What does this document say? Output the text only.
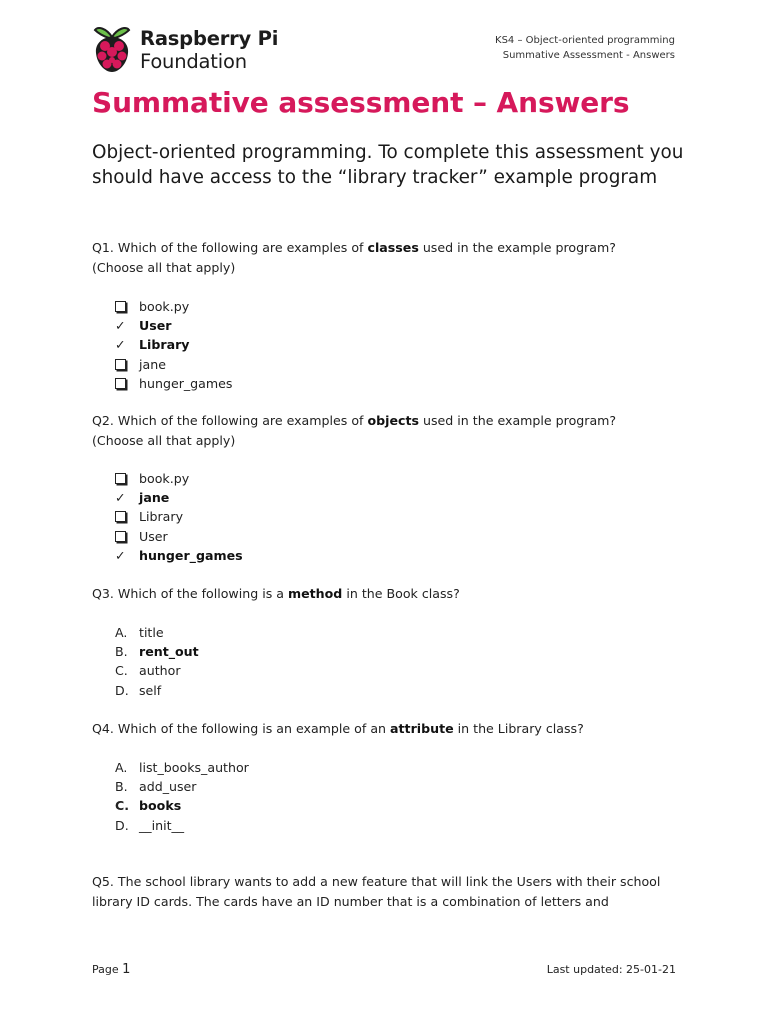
Raspberry Pi
Foundation
KS4 – Object-oriented programming
Summative Assessment - Answers
Summative assessment – Answers

Object-oriented programming. To complete this assessment you should have access to the “library tracker” example program

Q1. Which of the following are examples of classes used in the example program?
(Choose all that apply)

book.py
✓	User
✓	Library
jane
hunger_games

Q2. Which of the following are examples of objects used in the example program?
(Choose all that apply)

book.py
✓	jane
Library
User
✓	hunger_games

Q3. Which of the following is a method in the Book class?

A. title
B. rent_out
C. author
D. self

Q4. Which of the following is an example of an attribute in the Library class?

A. list_books_author
B. add_user
C. books
D. __init__

Q5. The school library wants to add a new feature that will link the Users with their school library ID cards. The cards have an ID number that is a combination of letters and

Page 1	Last updated: 25-01-21
